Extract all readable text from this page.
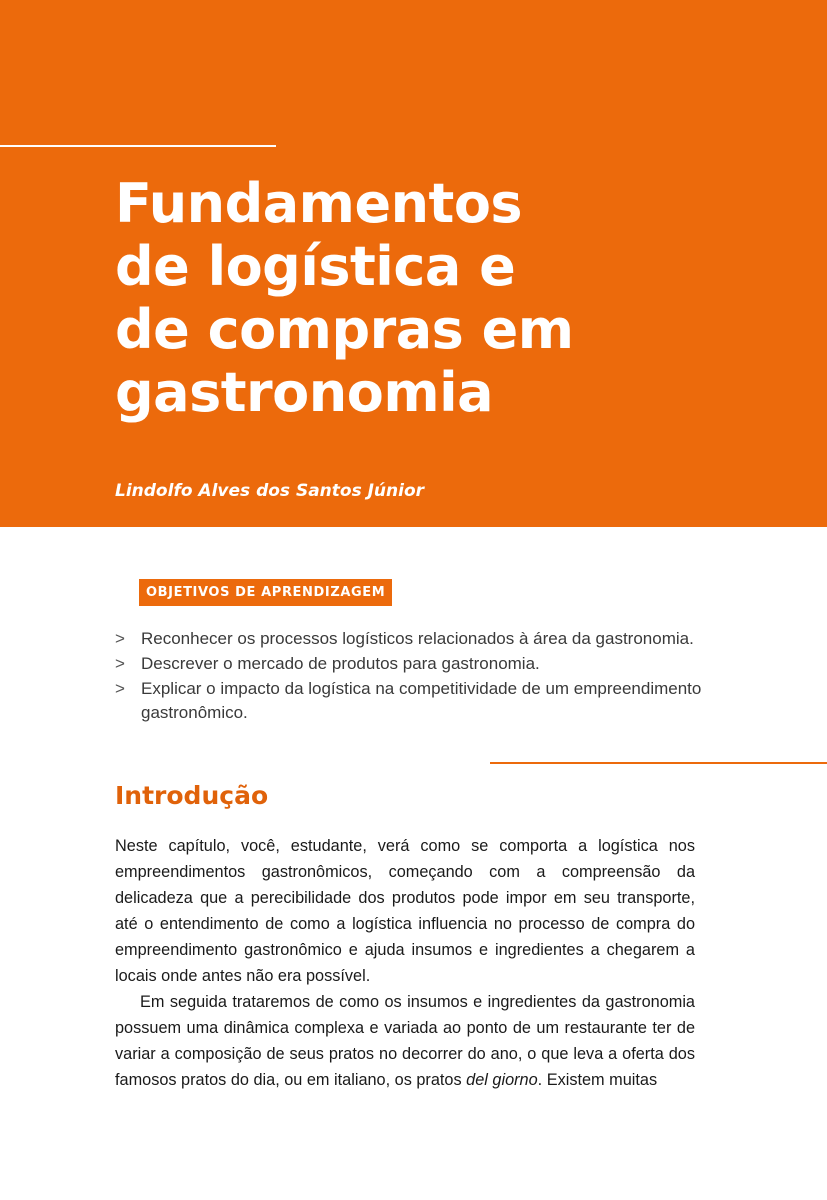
Fundamentos
de logística e
de compras em
gastronomia
Lindolfo Alves dos Santos Júnior
OBJETIVOS DE APRENDIZAGEM
> Reconhecer os processos logísticos relacionados à área da gastronomia.
> Descrever o mercado de produtos para gastronomia.
> Explicar o impacto da logística na competitividade de um empreendimento gastronômico.
Introdução

Neste capítulo, você, estudante, verá como se comporta a logística nos empreendimentos gastronômicos, começando com a compreensão da delicadeza que a perecibilidade dos produtos pode impor em seu transporte, até o entendimento de como a logística influencia no processo de compra do empreendimento gastronômico e ajuda insumos e ingredientes a chegarem a locais onde antes não era possível.

Em seguida trataremos de como os insumos e ingredientes da gastronomia possuem uma dinâmica complexa e variada ao ponto de um restaurante ter de variar a composição de seus pratos no decorrer do ano, o que leva a oferta dos famosos pratos do dia, ou em italiano, os pratos del giorno. Existem muitas
